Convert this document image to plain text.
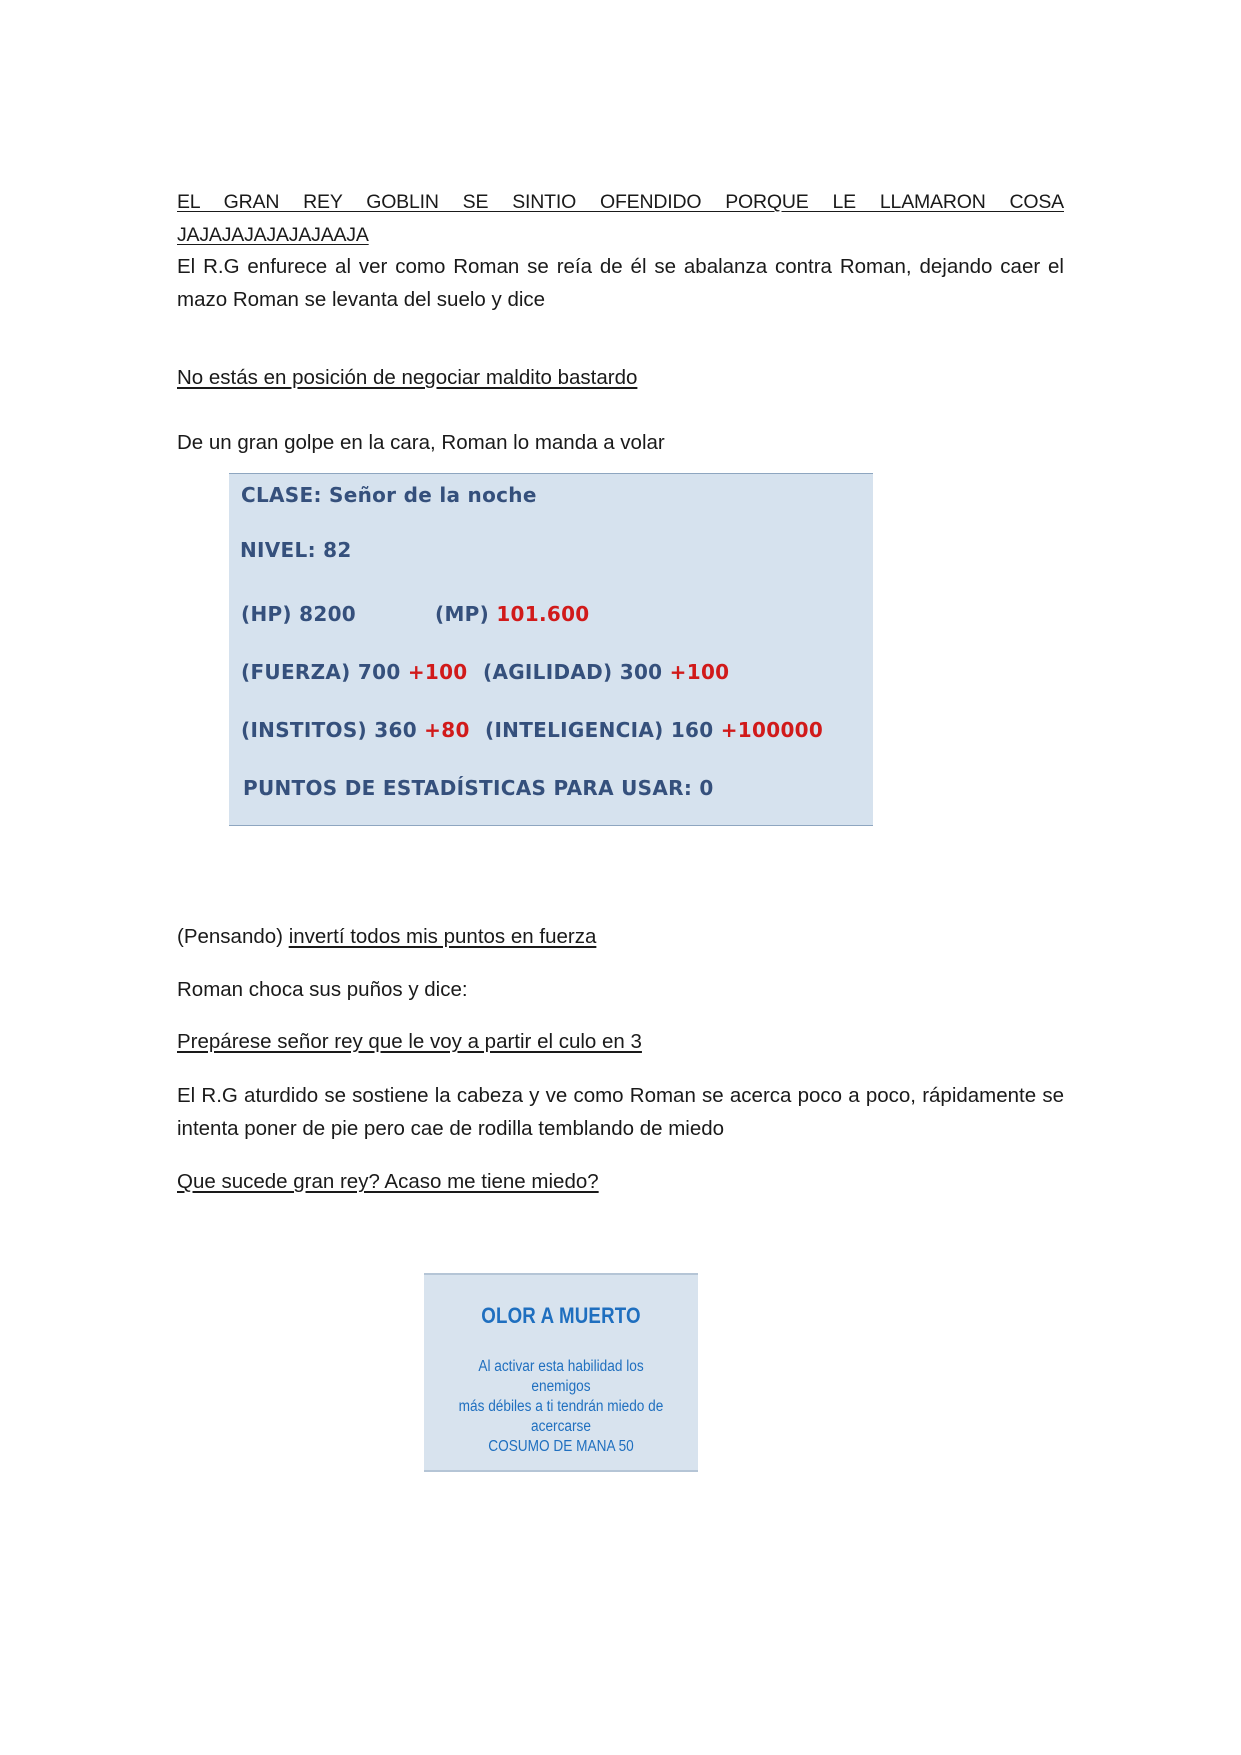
EL GRAN REY GOBLIN SE SINTIO OFENDIDO PORQUE LE LLAMARON COSA JAJAJAJAJAJAJAAJA

El R.G enfurece al ver como Roman se reía de él se abalanza contra Roman, dejando caer el mazo Roman se levanta del suelo y dice

No estás en posición de negociar maldito bastardo

De un gran golpe en la cara, Roman lo manda a volar

CLASE: Señor de la noche
NIVEL: 82
(HP) 8200	(MP) 101.600
(FUERZA) 700 +100 (AGILIDAD) 300 +100
(INSTITOS) 360 +80 (INTELIGENCIA) 160 +100000
PUNTOS DE ESTADÍSTICAS PARA USAR: 0

(Pensando) invertí todos mis puntos en fuerza

Roman choca sus puños y dice:

Prepárese señor rey que le voy a partir el culo en 3

El R.G aturdido se sostiene la cabeza y ve como Roman se acerca poco a poco, rápidamente se intenta poner de pie pero cae de rodilla temblando de miedo

Que sucede gran rey? Acaso me tiene miedo?

OLOR A MUERTO
Al activar esta habilidad los enemigos
más débiles a ti tendrán miedo de
acercarse
COSUMO DE MANA 50
